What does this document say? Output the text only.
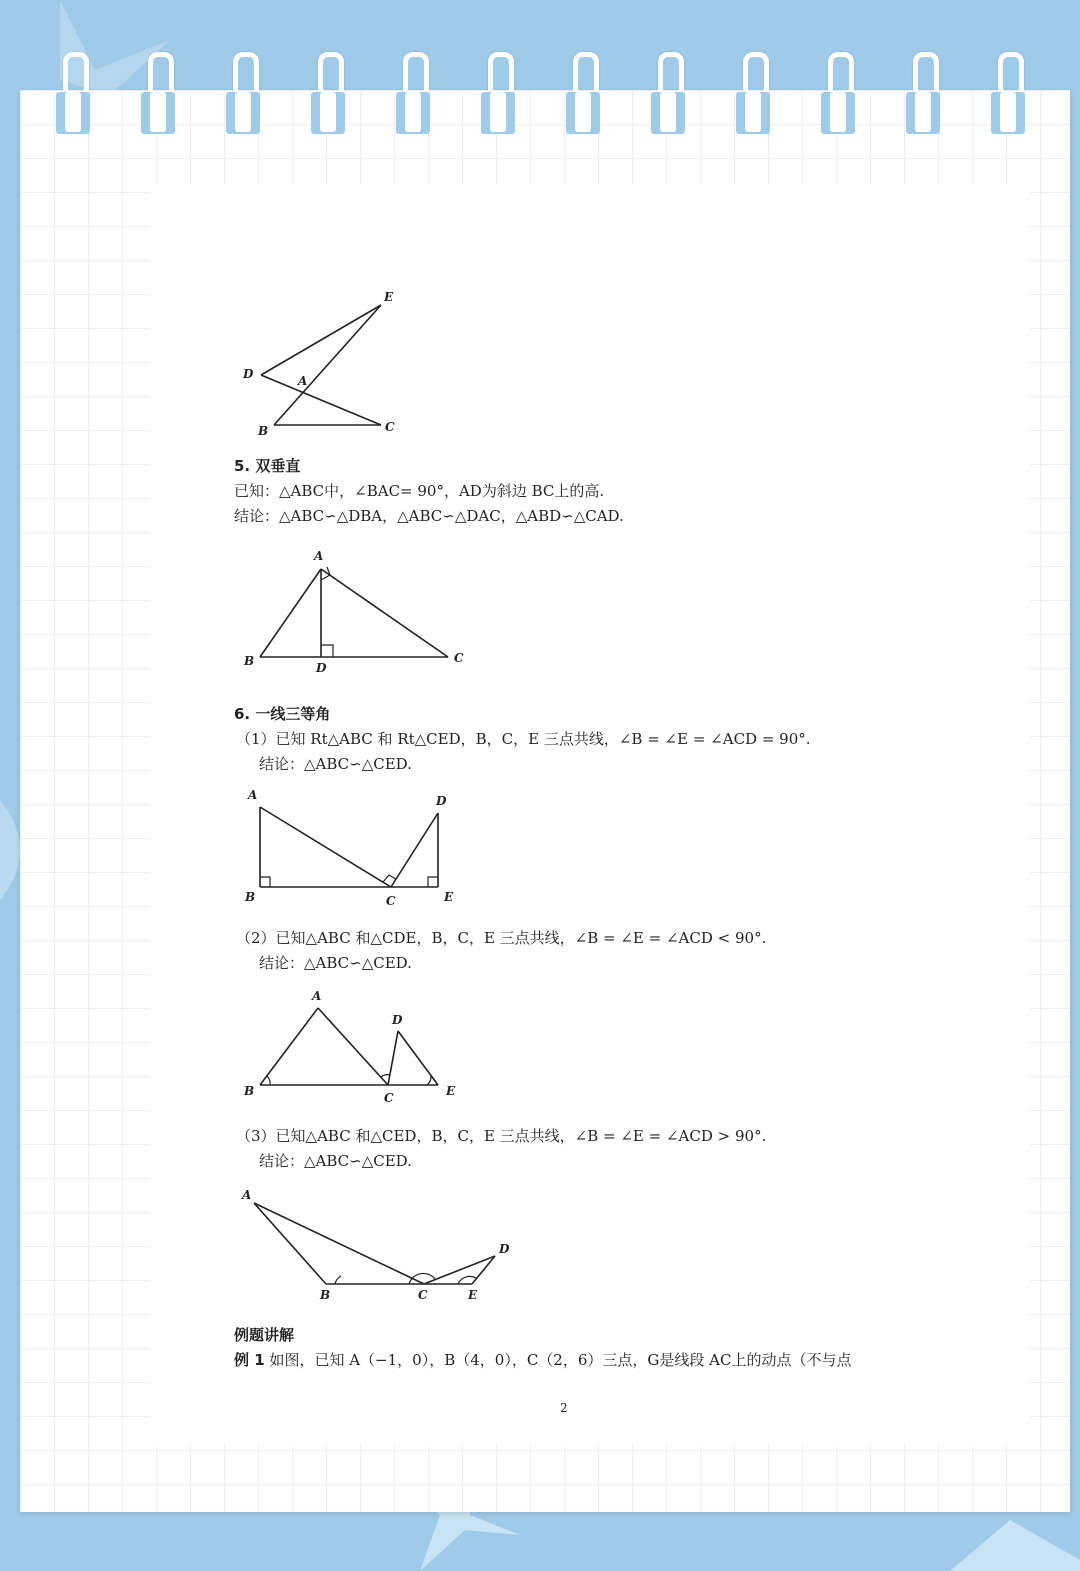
E
D	A
B	C
5. 双垂直
已知：△ABC中，∠BAC= 90°，AD为斜边 BC上的高.
结论：△ABC∽△DBA，△ABC∽△DAC，△ABD∽△CAD.
A
B	C
D
6. 一线三等角
（1）已知 Rt△ABC 和 Rt△CED，B，C，E 三点共线，∠B = ∠E = ∠ACD = 90°.
结论：△ABC∽△CED.
A	D
B	C	E
（2）已知△ABC 和△CDE，B，C，E 三点共线，∠B = ∠E = ∠ACD < 90°.
结论：△ABC∽△CED.
A
D
B	C	E
（3）已知△ABC 和△CED，B，C，E 三点共线，∠B = ∠E = ∠ACD > 90°.
结论：△ABC∽△CED.
A
D
B	C	E
例题讲解
例 1 如图，已知 A（−1，0），B（4，0），C（2，6）三点，G是线段 AC上的动点（不与点
2
